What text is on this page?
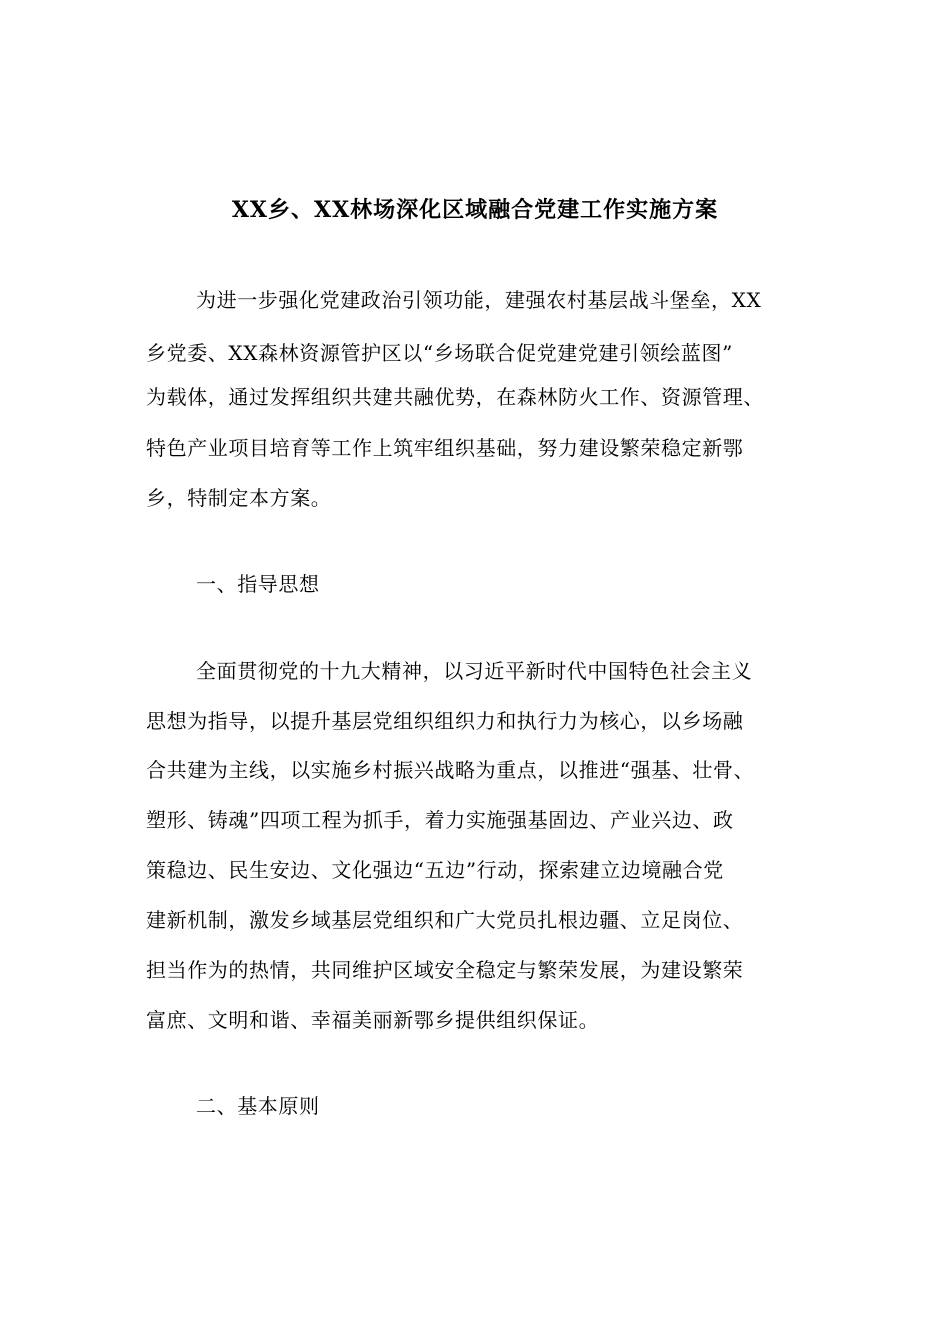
XX乡、XX林场深化区域融合党建工作实施方案
为进一步强化党建政治引领功能，建强农村基层战斗堡垒，XX
乡党委、XX森林资源管护区以“乡场联合促党建党建引领绘蓝图”
为载体，通过发挥组织共建共融优势，在森林防火工作、资源管理、
特色产业项目培育等工作上筑牢组织基础，努力建设繁荣稳定新鄂
乡，特制定本方案。
一、指导思想
全面贯彻党的十九大精神，以习近平新时代中国特色社会主义
思想为指导，以提升基层党组织组织力和执行力为核心，以乡场融
合共建为主线，以实施乡村振兴战略为重点，以推进“强基、壮骨、
塑形、铸魂”四项工程为抓手，着力实施强基固边、产业兴边、政
策稳边、民生安边、文化强边“五边”行动，探索建立边境融合党
建新机制，激发乡域基层党组织和广大党员扎根边疆、立足岗位、
担当作为的热情，共同维护区域安全稳定与繁荣发展，为建设繁荣
富庶、文明和谐、幸福美丽新鄂乡提供组织保证。
二、基本原则
